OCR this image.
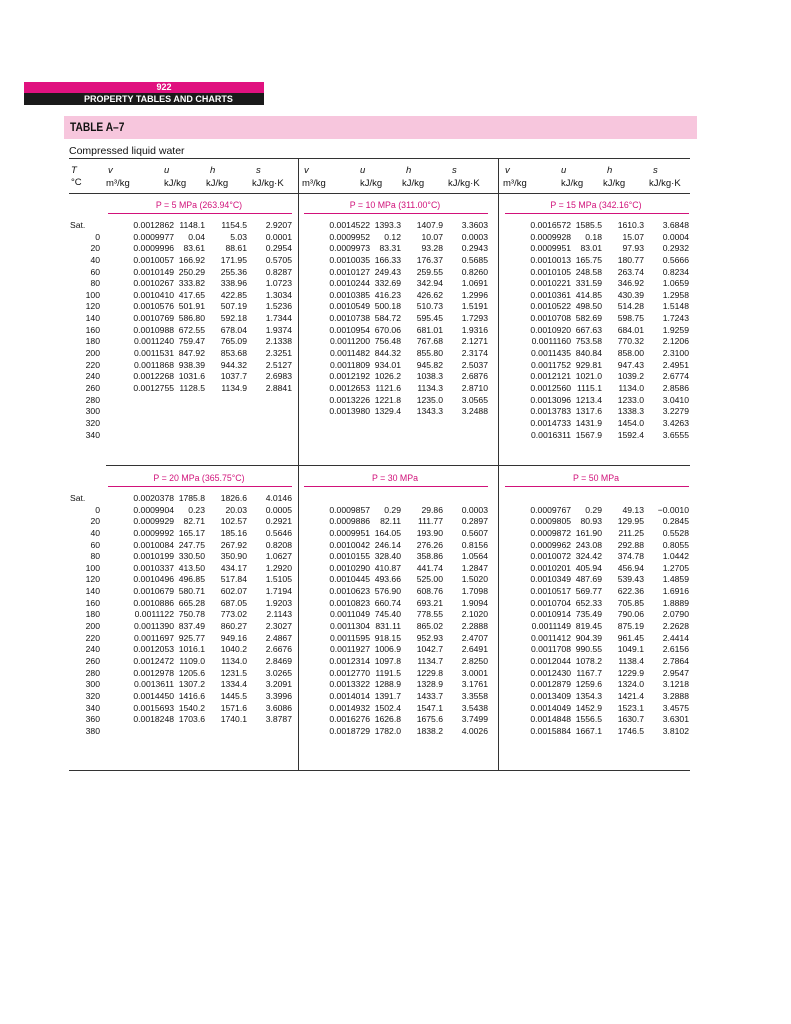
922
PROPERTY TABLES AND CHARTS
TABLE A–7
Compressed liquid water
T
°C
v
m³/kg
u
kJ/kg
h
kJ/kg
s
kJ/kg·K
v
m³/kg
u
kJ/kg
h
kJ/kg
s
kJ/kg·K
v
m³/kg
u
kJ/kg
h
kJ/kg
s
kJ/kg·K
Sat.
0
20
40
60
80
100
120
140
160
180
200
220
240
260
280
300
320
340
P = 5 MPa (263.94°C)
0.0012862
0.0009977
0.0009996
0.0010057
0.0010149
0.0010267
0.0010410
0.0010576
0.0010769
0.0010988
0.0011240
0.0011531
0.0011868
0.0012268
0.0012755
1148.1
0.04
83.61
166.92
250.29
333.82
417.65
501.91
586.80
672.55
759.47
847.92
938.39
1031.6
1128.5
1154.5
5.03
88.61
171.95
255.36
338.96
422.85
507.19
592.18
678.04
765.09
853.68
944.32
1037.7
1134.9
2.9207
0.0001
0.2954
0.5705
0.8287
1.0723
1.3034
1.5236
1.7344
1.9374
2.1338
2.3251
2.5127
2.6983
2.8841
P = 10 MPa (311.00°C)
0.0014522
0.0009952
0.0009973
0.0010035
0.0010127
0.0010244
0.0010385
0.0010549
0.0010738
0.0010954
0.0011200
0.0011482
0.0011809
0.0012192
0.0012653
0.0013226
0.0013980
1393.3
0.12
83.31
166.33
249.43
332.69
416.23
500.18
584.72
670.06
756.48
844.32
934.01
1026.2
1121.6
1221.8
1329.4
1407.9
10.07
93.28
176.37
259.55
342.94
426.62
510.73
595.45
681.01
767.68
855.80
945.82
1038.3
1134.3
1235.0
1343.3
3.3603
0.0003
0.2943
0.5685
0.8260
1.0691
1.2996
1.5191
1.7293
1.9316
2.1271
2.3174
2.5037
2.6876
2.8710
3.0565
3.2488
P = 15 MPa (342.16°C)
0.0016572
0.0009928
0.0009951
0.0010013
0.0010105
0.0010221
0.0010361
0.0010522
0.0010708
0.0010920
0.0011160
0.0011435
0.0011752
0.0012121
0.0012560
0.0013096
0.0013783
0.0014733
0.0016311
1585.5
0.18
83.01
165.75
248.58
331.59
414.85
498.50
582.69
667.63
753.58
840.84
929.81
1021.0
1115.1
1213.4
1317.6
1431.9
1567.9
1610.3
15.07
97.93
180.77
263.74
346.92
430.39
514.28
598.75
684.01
770.32
858.00
947.43
1039.2
1134.0
1233.0
1338.3
1454.0
1592.4
3.6848
0.0004
0.2932
0.5666
0.8234
1.0659
1.2958
1.5148
1.7243
1.9259
2.1206
2.3100
2.4951
2.6774
2.8586
3.0410
3.2279
3.4263
3.6555
Sat.
0
20
40
60
80
100
120
140
160
180
200
220
240
260
280
300
320
340
360
380
P = 20 MPa (365.75°C)
0.0020378
0.0009904
0.0009929
0.0009992
0.0010084
0.0010199
0.0010337
0.0010496
0.0010679
0.0010886
0.0011122
0.0011390
0.0011697
0.0012053
0.0012472
0.0012978
0.0013611
0.0014450
0.0015693
0.0018248
1785.8
0.23
82.71
165.17
247.75
330.50
413.50
496.85
580.71
665.28
750.78
837.49
925.77
1016.1
1109.0
1205.6
1307.2
1416.6
1540.2
1703.6
1826.6
20.03
102.57
185.16
267.92
350.90
434.17
517.84
602.07
687.05
773.02
860.27
949.16
1040.2
1134.0
1231.5
1334.4
1445.5
1571.6
1740.1
4.0146
0.0005
0.2921
0.5646
0.8208
1.0627
1.2920
1.5105
1.7194
1.9203
2.1143
2.3027
2.4867
2.6676
2.8469
3.0265
3.2091
3.3996
3.6086
3.8787
P = 30 MPa
0.0009857
0.0009886
0.0009951
0.0010042
0.0010155
0.0010290
0.0010445
0.0010623
0.0010823
0.0011049
0.0011304
0.0011595
0.0011927
0.0012314
0.0012770
0.0013322
0.0014014
0.0014932
0.0016276
0.0018729
0.29
82.11
164.05
246.14
328.40
410.87
493.66
576.90
660.74
745.40
831.11
918.15
1006.9
1097.8
1191.5
1288.9
1391.7
1502.4
1626.8
1782.0
29.86
111.77
193.90
276.26
358.86
441.74
525.00
608.76
693.21
778.55
865.02
952.93
1042.7
1134.7
1229.8
1328.9
1433.7
1547.1
1675.6
1838.2
0.0003
0.2897
0.5607
0.8156
1.0564
1.2847
1.5020
1.7098
1.9094
2.1020
2.2888
2.4707
2.6491
2.8250
3.0001
3.1761
3.3558
3.5438
3.7499
4.0026
P = 50 MPa
0.0009767
0.0009805
0.0009872
0.0009962
0.0010072
0.0010201
0.0010349
0.0010517
0.0010704
0.0010914
0.0011149
0.0011412
0.0011708
0.0012044
0.0012430
0.0012879
0.0013409
0.0014049
0.0014848
0.0015884
0.29
80.93
161.90
243.08
324.42
405.94
487.69
569.77
652.33
735.49
819.45
904.39
990.55
1078.2
1167.7
1259.6
1354.3
1452.9
1556.5
1667.1
49.13
129.95
211.25
292.88
374.78
456.94
539.43
622.36
705.85
790.06
875.19
961.45
1049.1
1138.4
1229.9
1324.0
1421.4
1523.1
1630.7
1746.5
−0.0010
0.2845
0.5528
0.8055
1.0442
1.2705
1.4859
1.6916
1.8889
2.0790
2.2628
2.4414
2.6156
2.7864
2.9547
3.1218
3.2888
3.4575
3.6301
3.8102
